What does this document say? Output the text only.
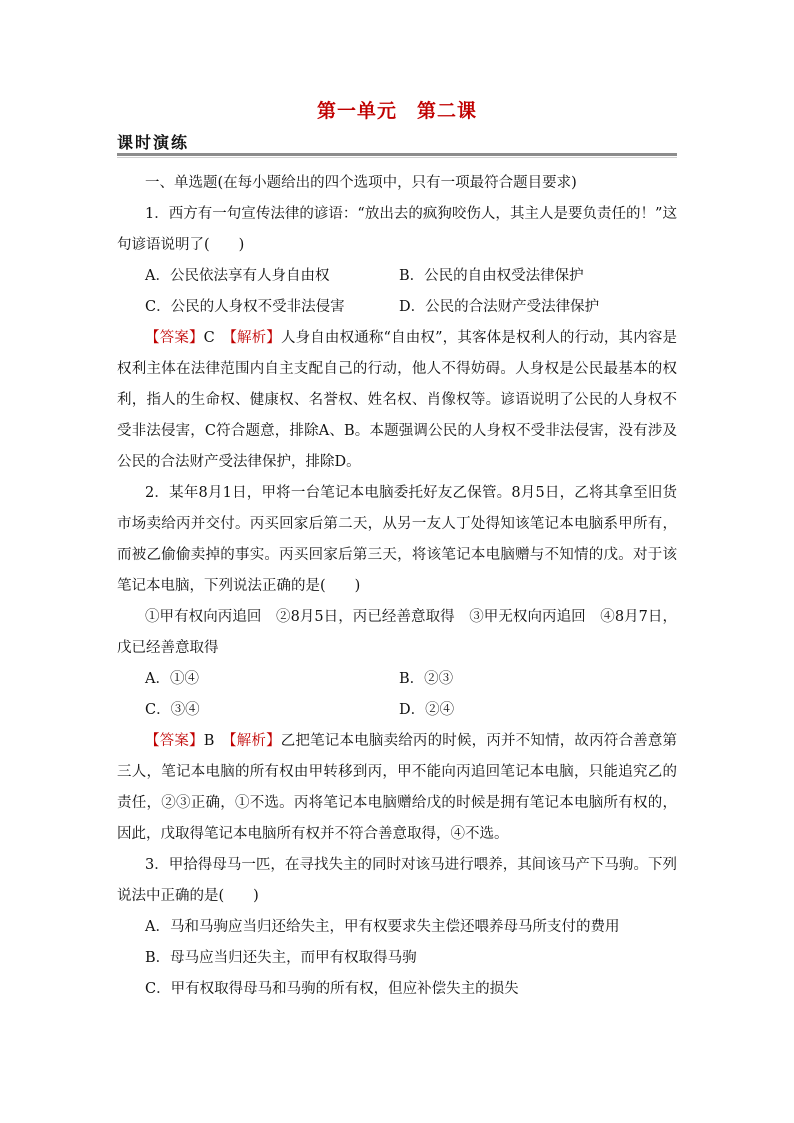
第一单元　第二课
课时演练

一、单选题(在每小题给出的四个选项中，只有一项最符合题目要求)

1．西方有一句宣传法律的谚语：“放出去的疯狗咬伤人，其主人是要负责任的！”这句谚语说明了(　　)

A．公民依法享有人身自由权	B．公民的自由权受法律保护
C．公民的人身权不受非法侵害	D．公民的合法财产受法律保护

【答案】C　【解析】人身自由权通称“自由权”，其客体是权利人的行动，其内容是权利主体在法律范围内自主支配自己的行动，他人不得妨碍。人身权是公民最基本的权利，指人的生命权、健康权、名誉权、姓名权、肖像权等。谚语说明了公民的人身权不受非法侵害，C符合题意，排除A、B。本题强调公民的人身权不受非法侵害，没有涉及公民的合法财产受法律保护，排除D。

2．某年8月1日，甲将一台笔记本电脑委托好友乙保管。8月5日，乙将其拿至旧货市场卖给丙并交付。丙买回家后第二天，从另一友人丁处得知该笔记本电脑系甲所有，而被乙偷偷卖掉的事实。丙买回家后第三天，将该笔记本电脑赠与不知情的戊。对于该笔记本电脑，下列说法正确的是(　　)

①甲有权向丙追回　②8月5日，丙已经善意取得　③甲无权向丙追回　④8月7日，戊已经善意取得

A．①④	B．②③
C．③④	D．②④

【答案】B　【解析】乙把笔记本电脑卖给丙的时候，丙并不知情，故丙符合善意第三人，笔记本电脑的所有权由甲转移到丙，甲不能向丙追回笔记本电脑，只能追究乙的责任，②③正确，①不选。丙将笔记本电脑赠给戊的时候是拥有笔记本电脑所有权的，因此，戊取得笔记本电脑所有权并不符合善意取得，④不选。

3．甲拾得母马一匹，在寻找失主的同时对该马进行喂养，其间该马产下马驹。下列说法中正确的是(　　)

A．马和马驹应当归还给失主，甲有权要求失主偿还喂养母马所支付的费用

B．母马应当归还失主，而甲有权取得马驹

C．甲有权取得母马和马驹的所有权，但应补偿失主的损失
